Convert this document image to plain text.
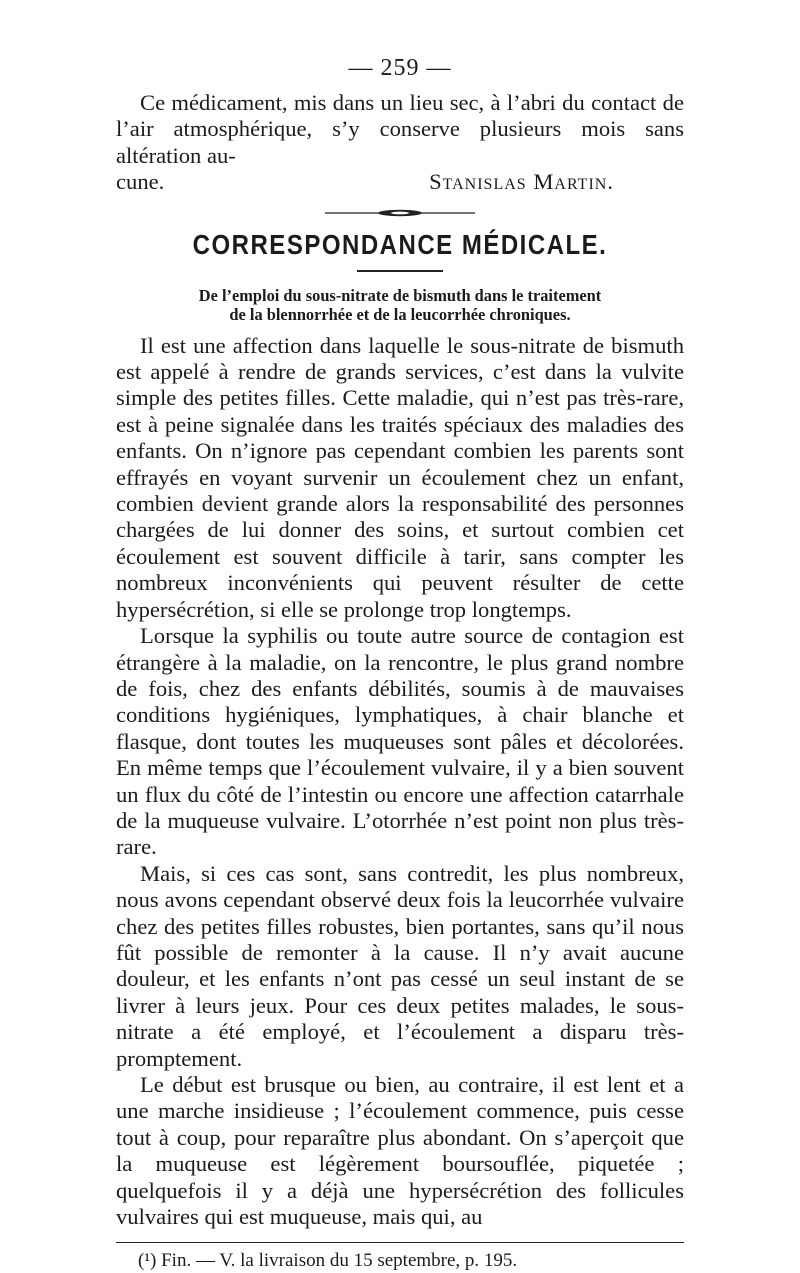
— 259 —

Ce médicament, mis dans un lieu sec, à l’abri du contact de l’air atmosphérique, s’y conserve plusieurs mois sans altération au-

cune.	Stanislas Martin.
CORRESPONDANCE MÉDICALE.
De l’emploi du sous-nitrate de bismuth dans le traitement
de la blennorrhée et de la leucorrhée chroniques.

Il est une affection dans laquelle le sous-nitrate de bismuth est appelé à rendre de grands services, c’est dans la vulvite simple des petites filles. Cette maladie, qui n’est pas très-rare, est à peine signalée dans les traités spéciaux des maladies des enfants. On n’ignore pas cependant combien les parents sont effrayés en voyant survenir un écoulement chez un enfant, combien devient grande alors la responsabilité des personnes chargées de lui donner des soins, et surtout combien cet écoulement est souvent difficile à tarir, sans compter les nombreux inconvénients qui peuvent résulter de cette hypersécrétion, si elle se prolonge trop longtemps.

Lorsque la syphilis ou toute autre source de contagion est étrangère à la maladie, on la rencontre, le plus grand nombre de fois, chez des enfants débilités, soumis à de mauvaises conditions hygiéniques, lymphatiques, à chair blanche et flasque, dont toutes les muqueuses sont pâles et décolorées. En même temps que l’écoulement vulvaire, il y a bien souvent un flux du côté de l’intestin ou encore une affection catarrhale de la muqueuse vulvaire. L’otorrhée n’est point non plus très-rare.

Mais, si ces cas sont, sans contredit, les plus nombreux, nous avons cependant observé deux fois la leucorrhée vulvaire chez des petites filles robustes, bien portantes, sans qu’il nous fût possible de remonter à la cause. Il n’y avait aucune douleur, et les enfants n’ont pas cessé un seul instant de se livrer à leurs jeux. Pour ces deux petites malades, le sous-nitrate a été employé, et l’écoulement a disparu très-promptement.

Le début est brusque ou bien, au contraire, il est lent et a une marche insidieuse ; l’écoulement commence, puis cesse tout à coup, pour reparaître plus abondant. On s’aperçoit que la muqueuse est légèrement boursouflée, piquetée ; quelquefois il y a déjà une hypersécrétion des follicules vulvaires qui est muqueuse, mais qui, au

(¹) Fin. — V. la livraison du 15 septembre, p. 195.
